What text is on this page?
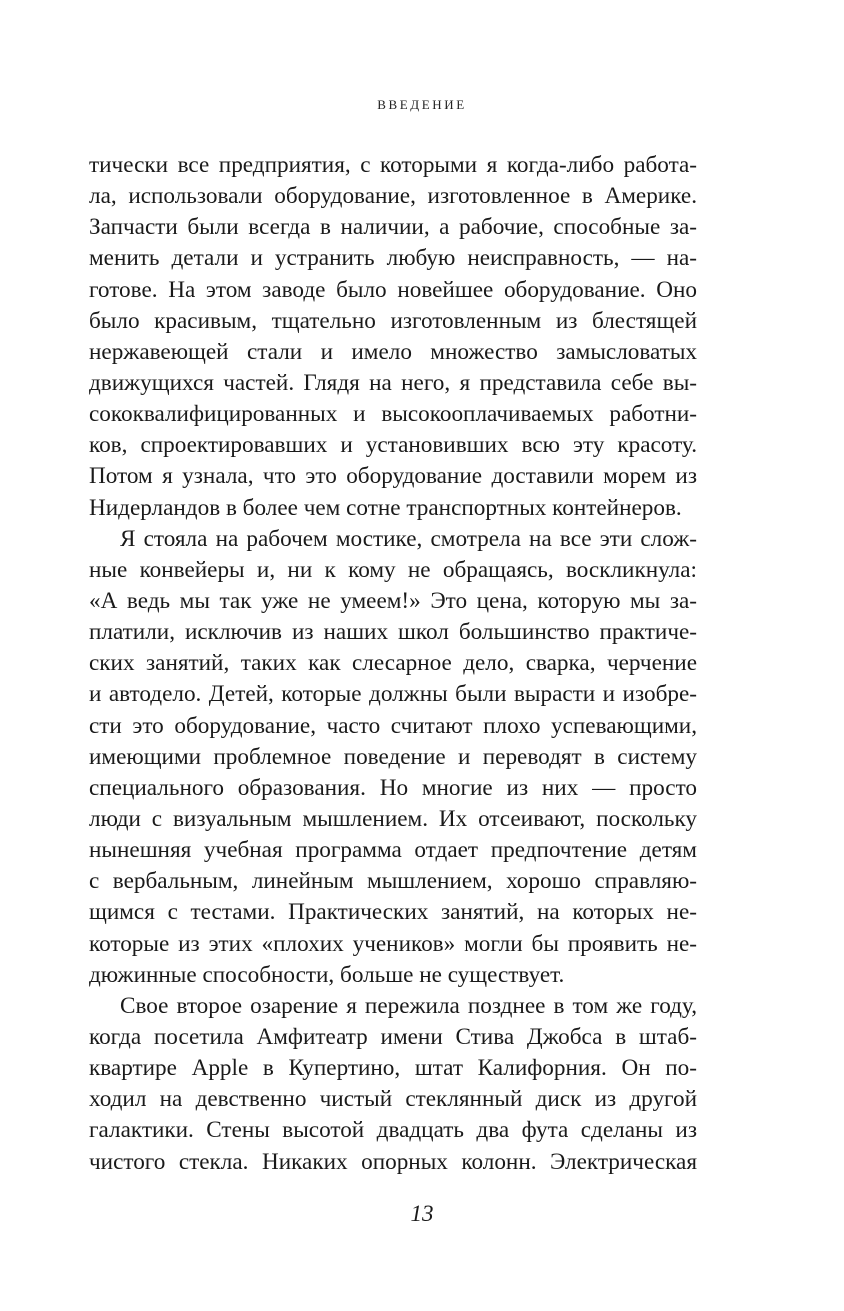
ВВЕДЕНИЕ
тически все предприятия, с которыми я когда-либо работа-
ла, использовали оборудование, изготовленное в Америке.
Запчасти были всегда в наличии, а рабочие, способные за-
менить детали и устранить любую неисправность, — на-
готове. На этом заводе было новейшее оборудование. Оно
было красивым, тщательно изготовленным из блестящей
нержавеющей стали и имело множество замысловатых
движущихся частей. Глядя на него, я представила себе вы-
сококвалифицированных и высокооплачиваемых работни-
ков, спроектировавших и установивших всю эту красоту.
Потом я узнала, что это оборудование доставили морем из
Нидерландов в более чем сотне транспортных контейнеров.
Я стояла на рабочем мостике, смотрела на все эти слож-
ные конвейеры и, ни к кому не обращаясь, воскликнула:
«А ведь мы так уже не умеем!» Это цена, которую мы за-
платили, исключив из наших школ большинство практиче-
ских занятий, таких как слесарное дело, сварка, черчение
и автодело. Детей, которые должны были вырасти и изобре-
сти это оборудование, часто считают плохо успевающими,
имеющими проблемное поведение и переводят в систему
специального образования. Но многие из них — просто
люди с визуальным мышлением. Их отсеивают, поскольку
нынешняя учебная программа отдает предпочтение детям
с вербальным, линейным мышлением, хорошо справляю-
щимся с тестами. Практических занятий, на которых не-
которые из этих «плохих учеников» могли бы проявить не-
дюжинные способности, больше не существует.
Свое второе озарение я пережила позднее в том же году,
когда посетила Амфитеатр имени Стива Джобса в штаб-
квартире Apple в Купертино, штат Калифорния. Он по-
ходил на девственно чистый стеклянный диск из другой
галактики. Стены высотой двадцать два фута сделаны из
чистого стекла. Никаких опорных колонн. Электрическая
13
